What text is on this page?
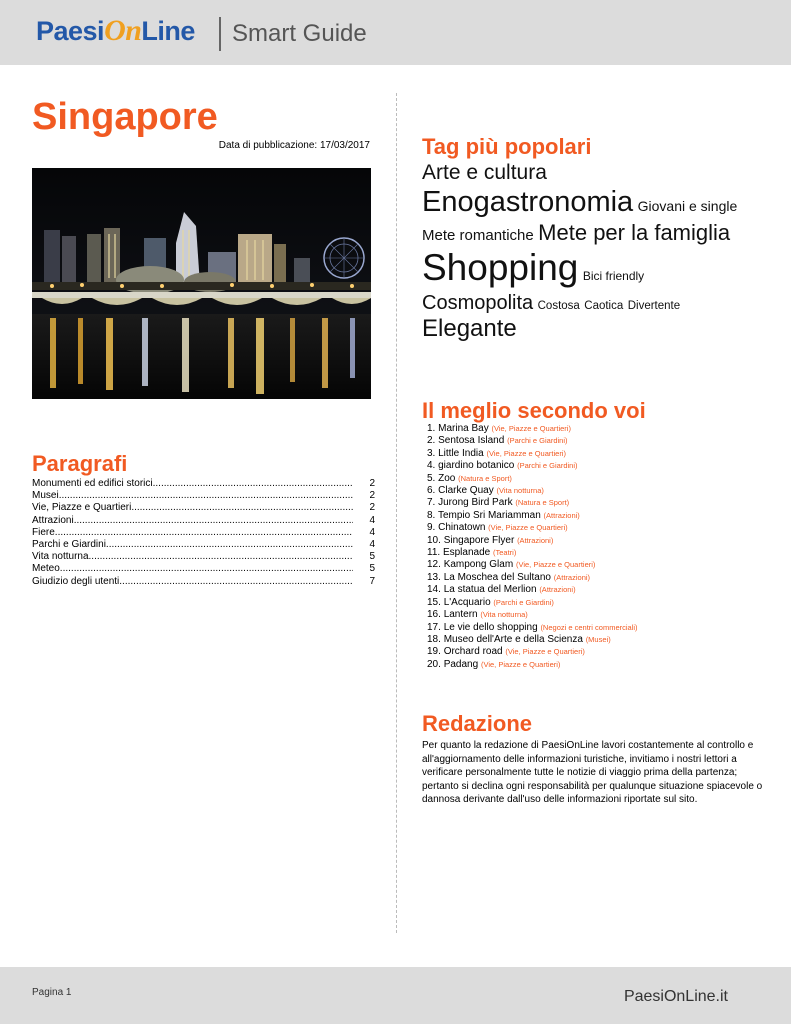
PaesiOnLine Smart Guide
Singapore
Data di pubblicazione: 17/03/2017
Paragrafi
Monumenti ed edifici storici .....	2
Musei .....	2
Vie, Piazze e Quartieri .....	2
Attrazioni .....	4
Fiere .....	4
Parchi e Giardini .....	4
Vita notturna .....	5
Meteo .....	5
Giudizio degli utenti .....	7
Tag più popolari
Arte e cultura
Enogastronomia Giovani e single
Mete romantiche Mete per la famiglia Shopping Bici friendly
Cosmopolita Costosa Caotica Divertente
Elegante
Il meglio secondo voi
1. Marina Bay (Vie, Piazze e Quartieri)
2. Sentosa Island (Parchi e Giardini)
3. Little India (Vie, Piazze e Quartieri)
4. giardino botanico (Parchi e Giardini)
5. Zoo (Natura e Sport)
6. Clarke Quay (Vita notturna)
7. Jurong Bird Park (Natura e Sport)
8. Tempio Sri Mariamman (Attrazioni)
9. Chinatown (Vie, Piazze e Quartieri)
10. Singapore Flyer (Attrazioni)
11. Esplanade (Teatri)
12. Kampong Glam (Vie, Piazze e Quartieri)
13. La Moschea del Sultano (Attrazioni)
14. La statua del Merlion (Attrazioni)
15. L'Acquario (Parchi e Giardini)
16. Lantern (Vita notturna)
17. Le vie dello shopping (Negozi e centri commerciali)
18. Museo dell'Arte e della Scienza (Musei)
19. Orchard road (Vie, Piazze e Quartieri)
20. Padang (Vie, Piazze e Quartieri)
Redazione

Per quanto la redazione di PaesiOnLine lavori costantemente al controllo e all'aggiornamento delle informazioni turistiche, invitiamo i nostri lettori a verificare personalmente tutte le notizie di viaggio prima della partenza; pertanto si declina ogni responsabilità per qualunque situazione spiacevole o dannosa derivante dall'uso delle informazioni riportate sul sito.

Pagina 1	PaesiOnLine.it
